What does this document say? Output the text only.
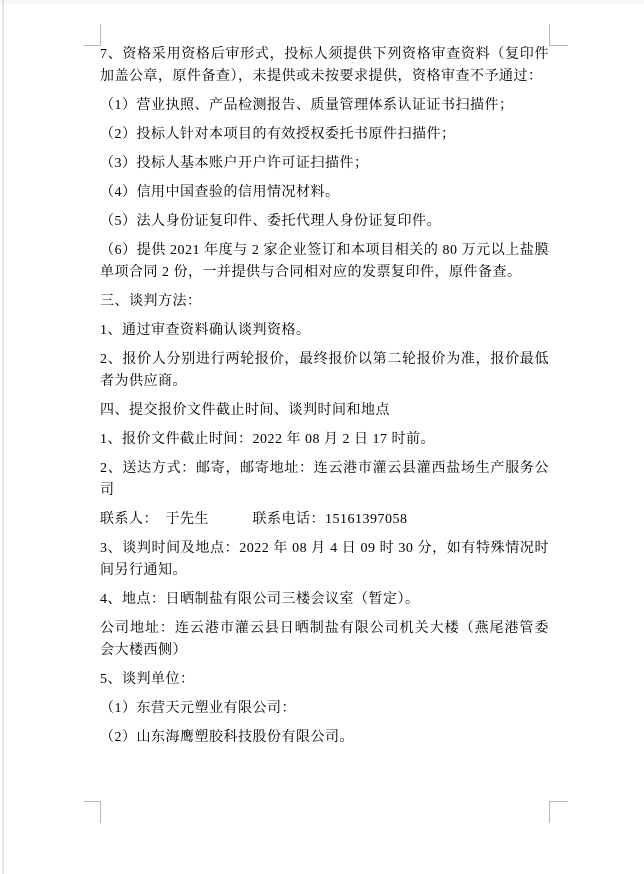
7、资格采用资格后审形式，投标人须提供下列资格审查资料（复印件加盖公章，原件备查），未提供或未按要求提供，资格审查不予通过：

（1）营业执照、产品检测报告、质量管理体系认证证书扫描件；

（2）投标人针对本项目的有效授权委托书原件扫描件；

（3）投标人基本账户开户许可证扫描件；

（4）信用中国查验的信用情况材料。

（5）法人身份证复印件、委托代理人身份证复印件。

（6）提供 2021 年度与 2 家企业签订和本项目相关的 80 万元以上盐膜单项合同 2 份，一并提供与合同相对应的发票复印件，原件备查。

三、谈判方法：

1、通过审查资料确认谈判资格。

2、报价人分别进行两轮报价，最终报价以第二轮报价为准，报价最低者为供应商。

四、提交报价文件截止时间、谈判时间和地点

1、报价文件截止时间：2022 年 08 月 2 日 17 时前。

2、送达方式：邮寄，邮寄地址：连云港市灌云县灌西盐场生产服务公司

联系人：　于先生　　　联系电话：15161397058

3、谈判时间及地点：2022 年 08 月 4 日 09 时 30 分，如有特殊情况时间另行通知。

4、地点：日晒制盐有限公司三楼会议室（暂定）。

公司地址：连云港市灌云县日晒制盐有限公司机关大楼（燕尾港管委会大楼西侧）

5、谈判单位：

（1）东营天元塑业有限公司：

（2）山东海鹰塑胶科技股份有限公司。
